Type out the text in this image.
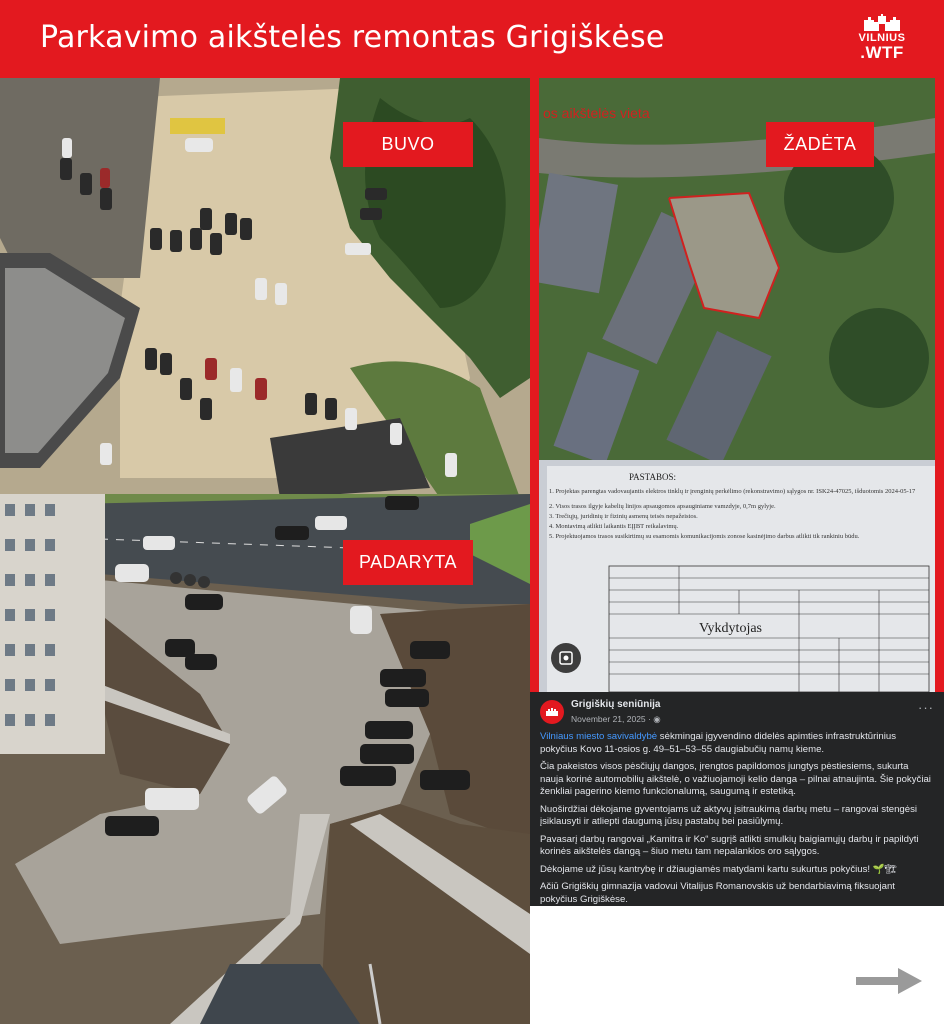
Parkavimo aikštelės remontas Grigiškėse	VILNIUS
.WTF
BUVO
os aikštelės vieta
PASTABOS:
1. Projektas parengtas vadovaujantis elektros tinklų ir įrenginių perkėlimo (rekonstravimo) sąlygos nr. ISK24-47025, išduotomis 2024-05-17
2. Visos trasos ilgyje kabelių linijos apsaugomos apsauginiame vamzdyje, 0,7m gylyje.
3. Trečiųjų, juridinių ir fizinių asmenų teisės nepažeistos.
4. Montavimą atlikti laikantis EĮĮBT reikalavimų.
5. Projektuojamos trasos susikirtimų su esamomis komunikacijomis zonose kasinėjimo darbus atlikti tik rankiniu būdu.
Vykdytojas
ŽADĖTA
PADARYTA
Grigiškių seniūnija
November 21, 2025 · ◉
···

Vilniaus miesto savivaldybė sėkmingai įgyvendino didelės apimties infrastruktūrinius pokyčius Kovo 11-osios g. 49–51–53–55 daugiabučių namų kieme.

Čia pakeistos visos pėsčiųjų dangos, įrengtos papildomos jungtys pėstiesiems, sukurta nauja korinė automobilių aikštelė, o važiuojamoji kelio danga – pilnai atnaujinta. Šie pokyčiai ženkliai pagerino kiemo funkcionalumą, saugumą ir estetiką.

Nuoširdžiai dėkojame gyventojams už aktyvų įsitraukimą darbų metu – rangovai stengėsi įsiklausyti ir atliepti daugumą jūsų pastabų bei pasiūlymų.

Pavasarį darbų rangovai „Kamitra ir Ko“ sugrįš atlikti smulkių baigiamųjų darbų ir papildyti korinės aikštelės dangą – šiuo metu tam nepalankios oro sąlygos.

Dėkojame už jūsų kantrybę ir džiaugiamės matydami kartu sukurtus pokyčius! 🌱🏗

Ačiū Grigiškių gimnazija vadovui Vitalijus Romanovskis už bendarbiavimą fiksuojant pokyčius Grigiškėse.
